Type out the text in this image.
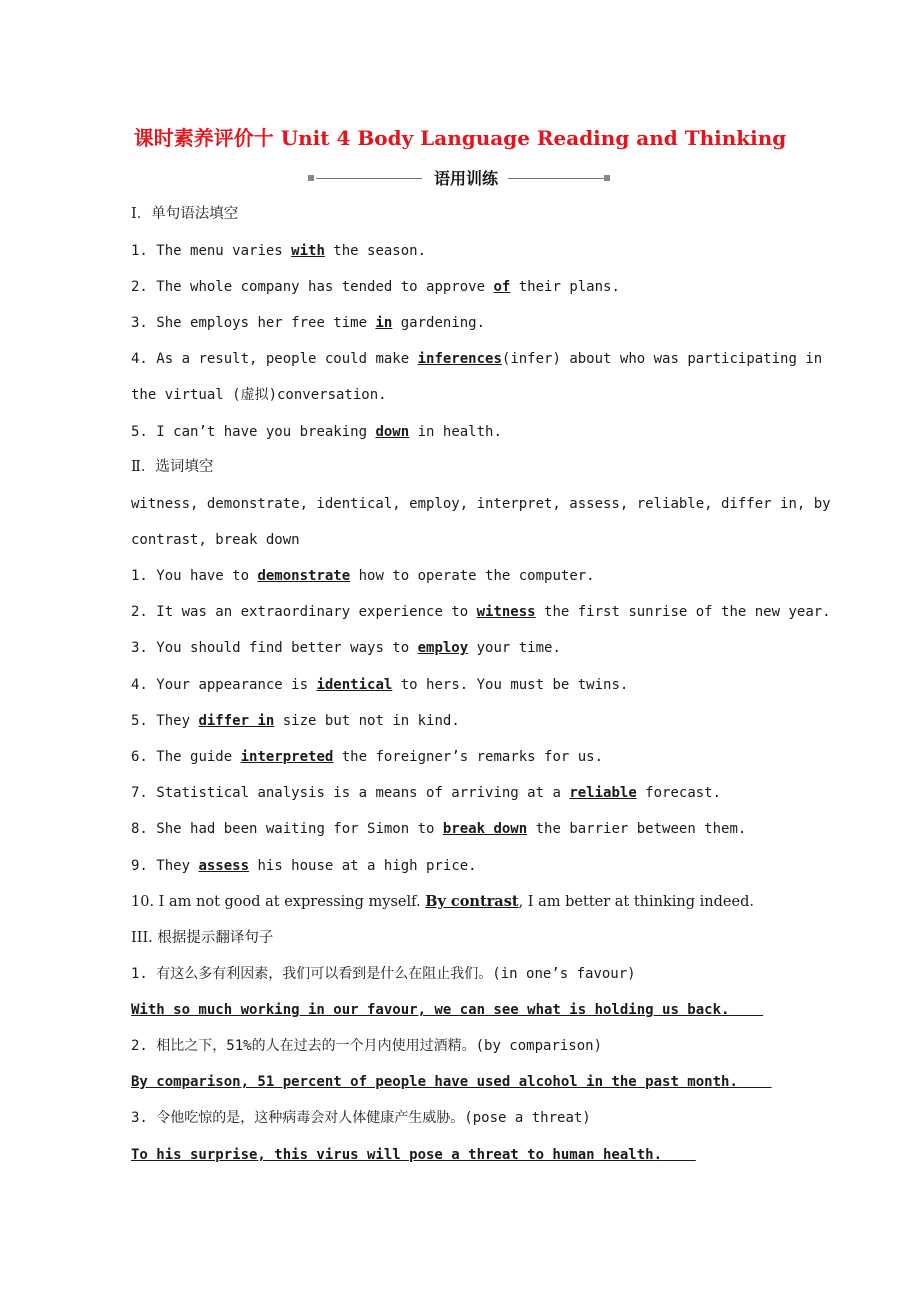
课时素养评价十 Unit 4 Body Language Reading and Thinking
语用训练
Ⅰ．单句语法填空
1. The menu varies with the season.
2. The whole company has tended to approve of their plans.
3. She employs her free time in gardening.
4. As a result, people could make inferences(infer) about who was participating in
the virtual (虚拟)conversation.
5. I can’t have you breaking down in health.
Ⅱ．选词填空
witness, demonstrate, identical, employ, interpret, assess, reliable, differ in, by
contrast, break down
1. You have to demonstrate how to operate the computer.
2. It was an extraordinary experience to witness the first sunrise of the new year.
3. You should find better ways to employ your time.
4. Your appearance is identical to hers. You must be twins.
5. They differ in size but not in kind.
6. The guide interpreted the foreigner’s remarks for us.
7. Statistical analysis is a means of arriving at a reliable forecast.
8. She had been waiting for Simon to break down the barrier between them.
9. They assess his house at a high price.
10. I am not good at expressing myself. By contrast, I am better at thinking indeed.
III. 根据提示翻译句子
1. 有这么多有利因素，我们可以看到是什么在阻止我们。(in one’s favour)
With so much working in our favour, we can see what is holding us back.
2. 相比之下，51%的人在过去的一个月内使用过酒精。(by comparison)
By comparison, 51 percent of people have used alcohol in the past month.
3. 令他吃惊的是，这种病毒会对人体健康产生威胁。(pose a threat)
To his surprise, this virus will pose a threat to human health.
